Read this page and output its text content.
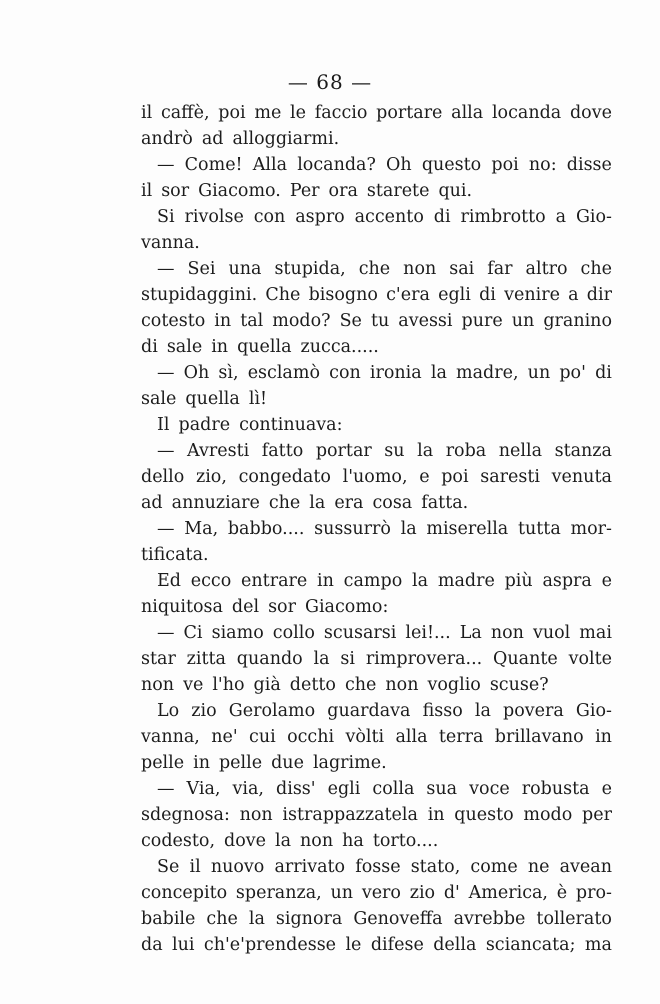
— 68 —
il caffè, poi me le faccio portare alla locanda dove
andrò ad alloggiarmi.
— Come! Alla locanda? Oh questo poi no: disse
il sor Giacomo. Per ora starete qui.
Si rivolse con aspro accento di rimbrotto a Gio-
vanna.
— Sei una stupida, che non sai far altro che
stupidaggini. Che bisogno c'era egli di venire a dir
cotesto in tal modo? Se tu avessi pure un granino
di sale in quella zucca.....
— Oh sì, esclamò con ironia la madre, un po' di
sale quella lì!
Il padre continuava:
— Avresti fatto portar su la roba nella stanza
dello zio, congedato l'uomo, e poi saresti venuta
ad annuziare che la era cosa fatta.
— Ma, babbo.... sussurrò la miserella tutta mor-
tificata.
Ed ecco entrare in campo la madre più aspra e
niquitosa del sor Giacomo:
— Ci siamo collo scusarsi lei!... La non vuol mai
star zitta quando la si rimprovera... Quante volte
non ve l'ho già detto che non voglio scuse?
Lo zio Gerolamo guardava fisso la povera Gio-
vanna, ne' cui occhi vòlti alla terra brillavano in
pelle in pelle due lagrime.
— Via, via, diss' egli colla sua voce robusta e
sdegnosa: non istrappazzatela in questo modo per
codesto, dove la non ha torto....
Se il nuovo arrivato fosse stato, come ne avean
concepito speranza, un vero zio d' America, è pro-
babile che la signora Genoveffa avrebbe tollerato
da lui ch'e'prendesse le difese della sciancata; ma
